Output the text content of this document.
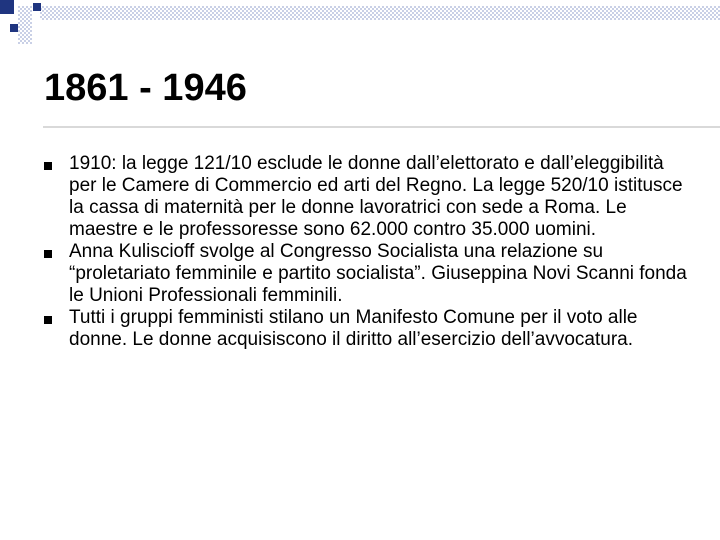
1861 - 1946
1910: la legge 121/10 esclude le donne dall’elettorato e dall’eleggibilità per le Camere di Commercio ed arti del Regno. La legge 520/10 istitusce la cassa di maternità per le donne lavoratrici con sede a Roma. Le maestre e le professoresse sono 62.000 contro 35.000 uomini.
Anna Kuliscioff svolge al Congresso Socialista una relazione su “proletariato femminile e partito socialista”. Giuseppina Novi Scanni fonda le Unioni Professionali femminili.
Tutti i gruppi femministi stilano un Manifesto Comune per il voto alle donne. Le donne acquisiscono il diritto all’esercizio dell’avvocatura.
